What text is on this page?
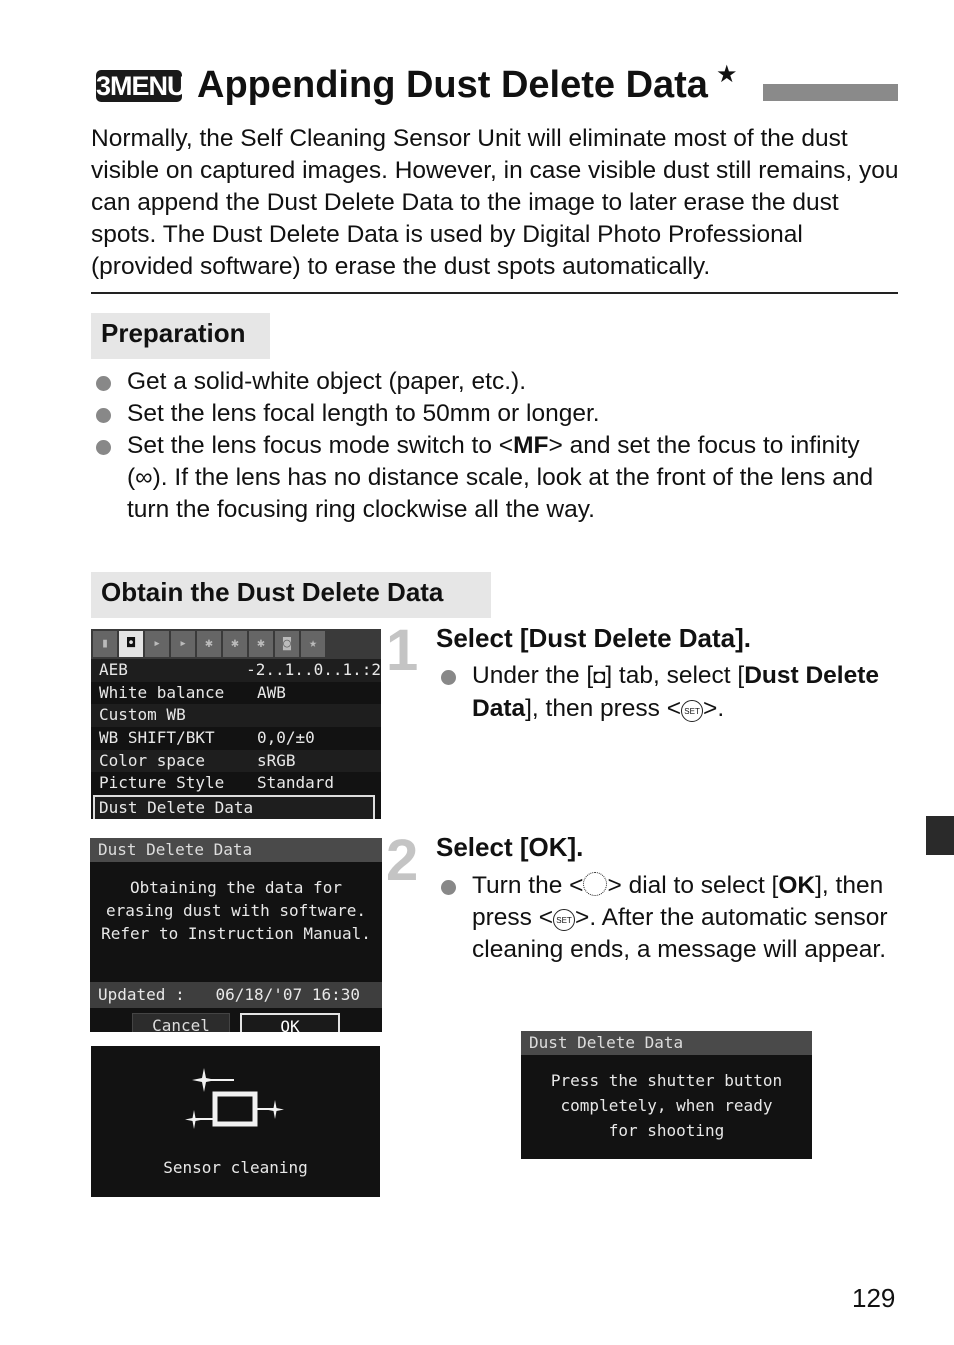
3MENU Appending Dust Delete Data ★
Normally, the Self Cleaning Sensor Unit will eliminate most of the dust visible on captured images. However, in case visible dust still remains, you can append the Dust Delete Data to the image to later erase the dust spots. The Dust Delete Data is used by Digital Photo Professional (provided software) to erase the dust spots automatically.
Preparation
Get a solid-white object (paper, etc.).
Set the lens focal length to 50mm or longer.
Set the lens focus mode switch to <MF> and set the focus to infinity (∞). If the lens has no distance scale, look at the front of the lens and turn the focusing ring clockwise all the way.
Obtain the Dust Delete Data
▮	◘	▸	▸	✱	✱	✱	◙	★
AEB	-2..1..0..1.:2
White balance	AWB
Custom WB
WB SHIFT/BKT	0,0/±0
Color space	sRGB
Picture Style	Standard
Dust Delete Data
1 Select [Dust Delete Data].
Under the [◘] tab, select [Dust Delete Data], then press < SET >.
Dust Delete Data
Obtaining the data for
erasing dust with software.
Refer to Instruction Manual.
Updated : 06/18/'07 16:30
Cancel	OK
2 Select [OK].
Turn the < > dial to select [OK], then press < SET >. After the automatic sensor cleaning ends, a message will appear.
Sensor cleaning
Dust Delete Data
Press the shutter button
completely, when ready
for shooting
129
